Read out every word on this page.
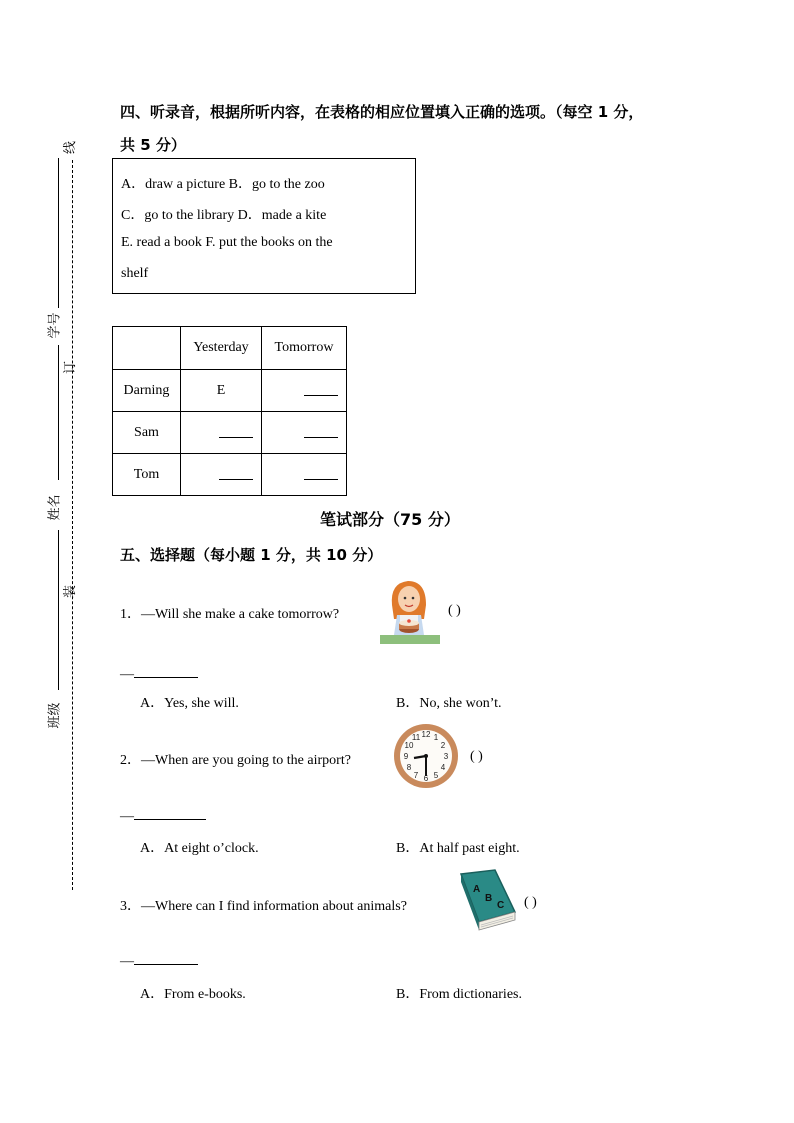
线
学号
订
姓名
装
班级
四、听录音，根据所听内容，在表格的相应位置填入正确的选项。（每空 1 分，
共 5 分）
A．draw a picture B．go to the zoo
C．go to the library D．made a kite
E. read a book F. put the books on the
shelf
	Yesterday	Tomorrow
Darning	E	
Sam		
Tom		
笔试部分（75 分）
五、选择题（每小题 1 分，共 10 分）
1．—Will she make a cake tomorrow?	( )
—
A．Yes, she will.	B．No, she won’t.
2．—When are you going to the airport?
12 1
2
3
4
5
6
7
8
9
10
11
( )
—
A．At eight o’clock.	B．At half past eight.
3．—Where can I find information about animals?
A
B
C ( )
—
A．From e-books.	B．From dictionaries.
